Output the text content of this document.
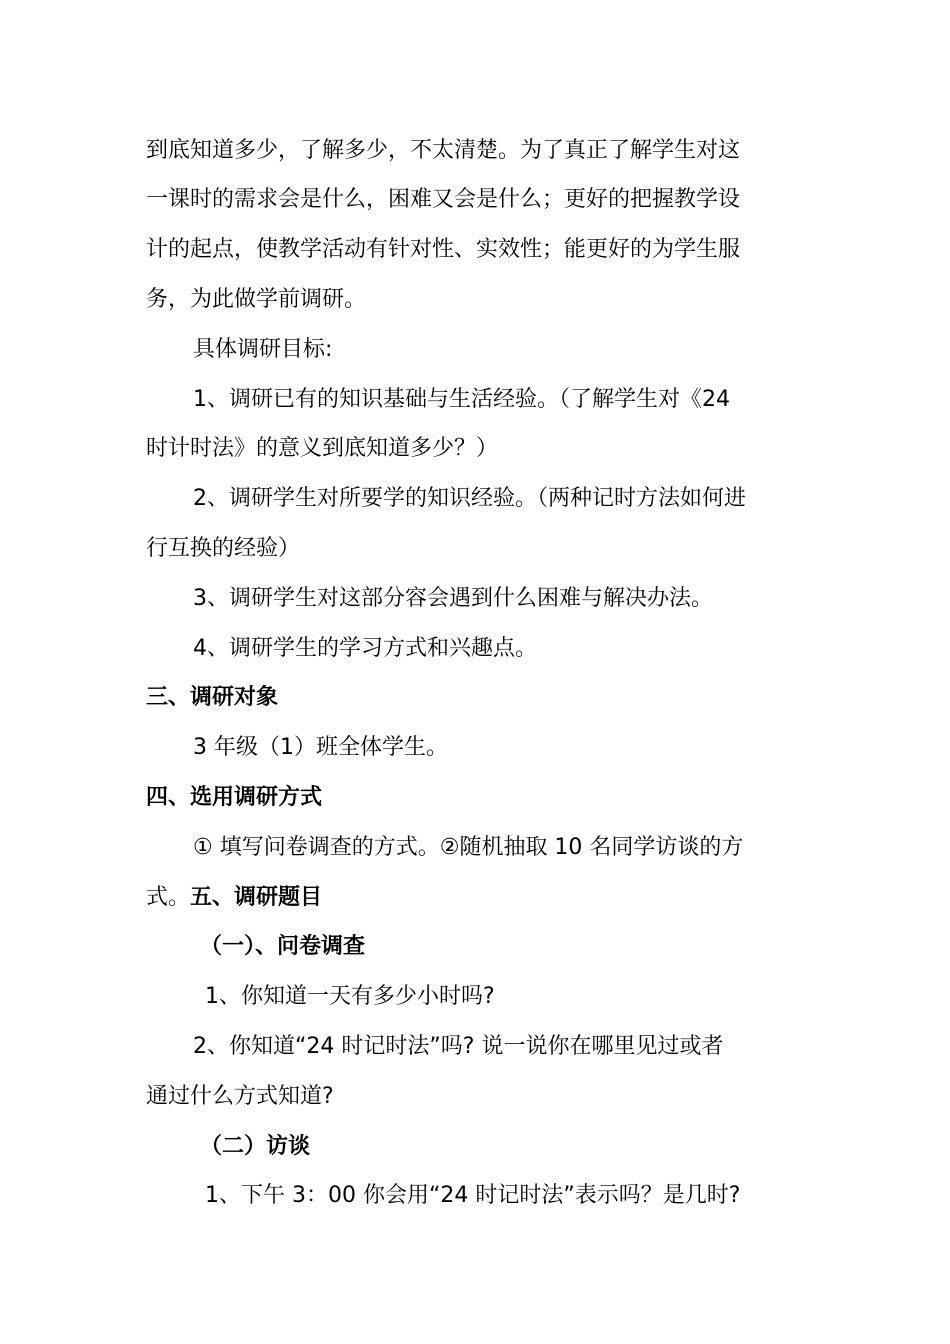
到底知道多少，了解多少，不太清楚。为了真正了解学生对这
一课时的需求会是什么，困难又会是什么；更好的把握教学设
计的起点，使教学活动有针对性、实效性；能更好的为学生服
务，为此做学前调研。
具体调研目标:
1、调研已有的知识基础与生活经验。（了解学生对《24
时计时法》的意义到底知道多少？）
2、调研学生对所要学的知识经验。（两种记时方法如何进
行互换的经验）
3、调研学生对这部分容会遇到什么困难与解决办法。
4、调研学生的学习方式和兴趣点。
三、调研对象
3 年级（1）班全体学生。
四、选用调研方式
① 填写问卷调查的方式。②随机抽取 10 名同学访谈的方
式。五、调研题目
（一）、问卷调查
1、你知道一天有多少小时吗?
2、你知道“24 时记时法”吗? 说一说你在哪里见过或者
通过什么方式知道?
（二）访谈
1、下午 3：00 你会用“24 时记时法”表示吗？是几时?
